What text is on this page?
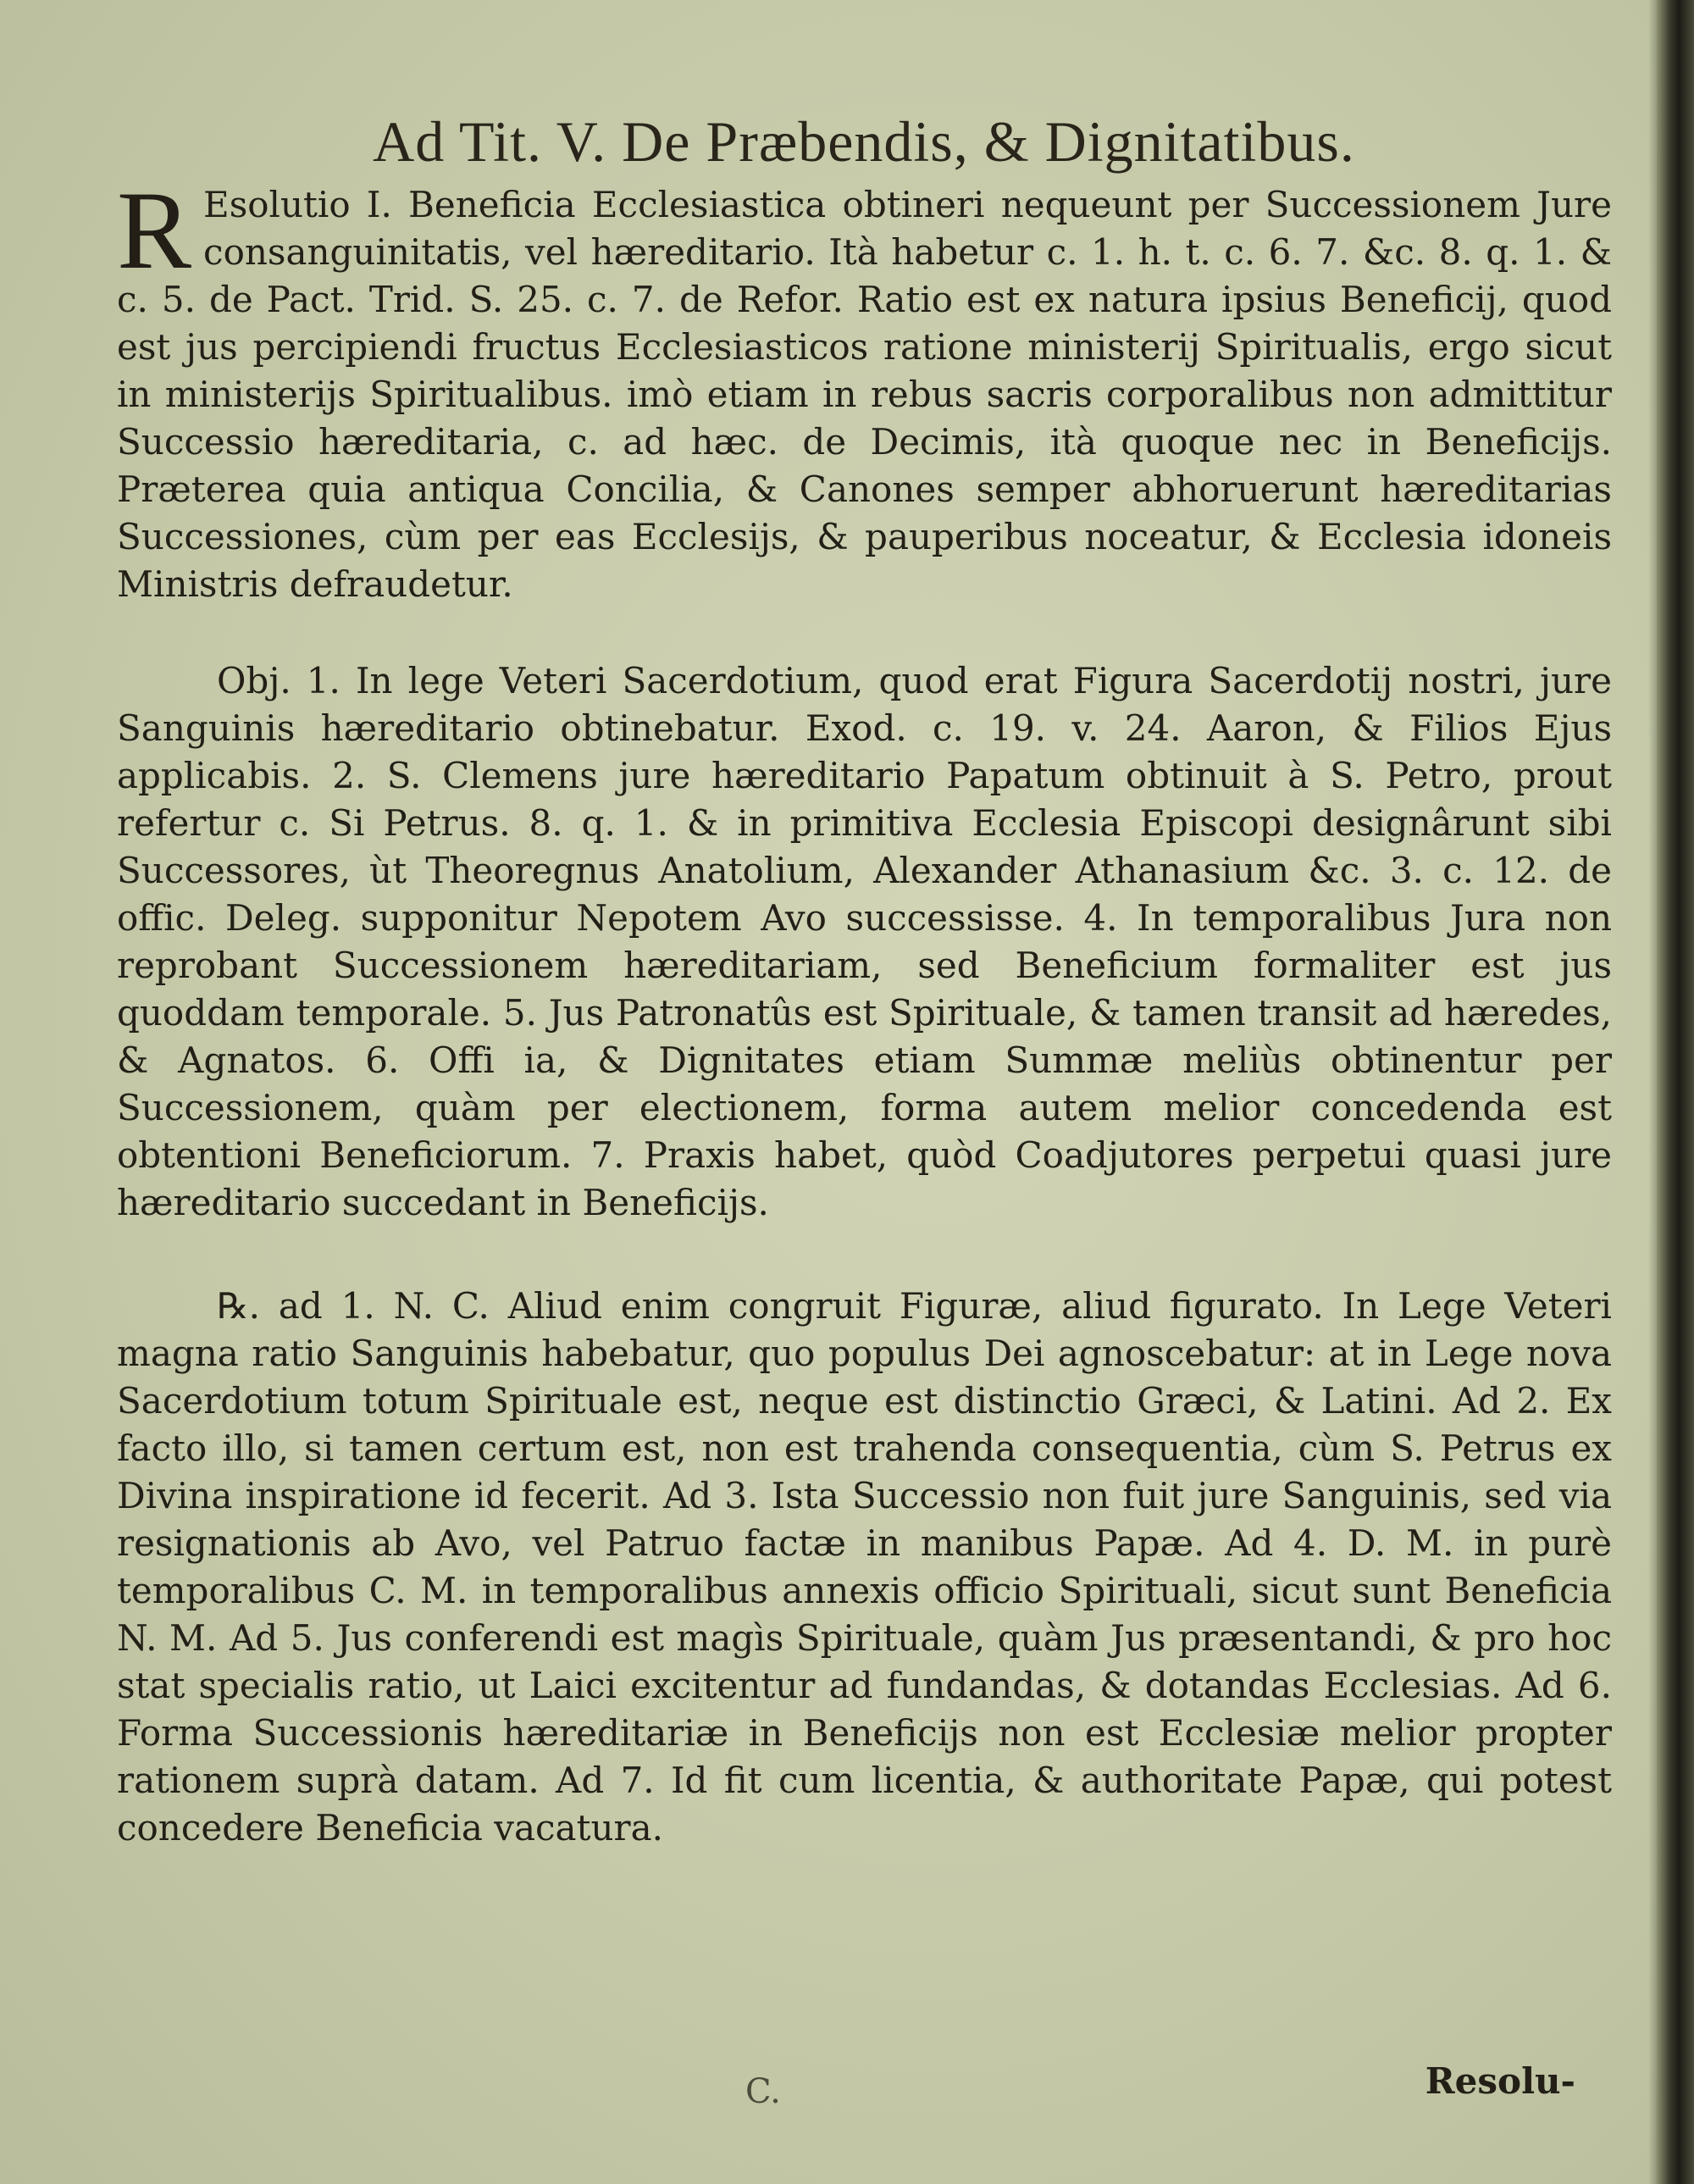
Ad Tit. V. De Præbendis, & Dignitatibus.
R Esolutio I. Beneficia Ecclesiastica obtineri nequeunt per Successionem Jure consanguinitatis, vel hæreditario. Ità habetur c. 1. h. t. c. 6. 7. &c. 8. q. 1. & c. 5. de Pact. Trid. S. 25. c. 7. de Refor. Ratio est ex natura ipsius Beneficij, quod est jus percipiendi fructus Ecclesiasticos ratione ministerij Spiritualis, ergo sicut in ministerijs Spiritualibus. imò etiam in rebus sacris corporalibus non admittitur Successio hæreditaria, c. ad hæc. de Decimis, ità quoque nec in Beneficijs. Præterea quia antiqua Concilia, & Canones semper abhoruerunt hæreditarias Successiones, cùm per eas Ecclesijs, & pauperibus noceatur, & Ecclesia idoneis Ministris defraudetur.
Obj. 1. In lege Veteri Sacerdotium, quod erat Figura Sacerdotij nostri, jure Sanguinis hæreditario obtinebatur. Exod. c. 19. v. 24. Aaron, & Filios Ejus applicabis. 2. S. Clemens jure hæreditario Papatum obtinuit à S. Petro, prout refertur c. Si Petrus. 8. q. 1. & in primitiva Ecclesia Episcopi designârunt sibi Successores, ùt Theoregnus Anatolium, Alexander Athanasium &c. 3. c. 12. de offic. Deleg. supponitur Nepotem Avo successisse. 4. In temporalibus Jura non reprobant Successionem hæreditariam, sed Beneficium formaliter est jus quoddam temporale. 5. Jus Patronatûs est Spirituale, & tamen transit ad hæredes, & Agnatos. 6. Offi ia, & Dignitates etiam Summæ meliùs obtinentur per Successionem, quàm per electionem, forma autem melior concedenda est obtentioni Beneficiorum. 7. Praxis habet, quòd Coadjutores perpetui quasi jure hæreditario succedant in Beneficijs.
℞. ad 1. N. C. Aliud enim congruit Figuræ, aliud figurato. In Lege Veteri magna ratio Sanguinis habebatur, quo populus Dei agnoscebatur: at in Lege nova Sacerdotium totum Spirituale est, neque est distinctio Græci, & Latini. Ad 2. Ex facto illo, si tamen certum est, non est trahenda consequentia, cùm S. Petrus ex Divina inspiratione id fecerit. Ad 3. Ista Successio non fuit jure Sanguinis, sed via resignationis ab Avo, vel Patruo factæ in manibus Papæ. Ad 4. D. M. in purè temporalibus C. M. in temporalibus annexis officio Spirituali, sicut sunt Beneficia N. M. Ad 5. Jus conferendi est magìs Spirituale, quàm Jus præsentandi, & pro hoc stat specialis ratio, ut Laici excitentur ad fundandas, & dotandas Ecclesias. Ad 6. Forma Successionis hæreditariæ in Beneficijs non est Ecclesiæ melior propter rationem suprà datam. Ad 7. Id fit cum licentia, & authoritate Papæ, qui potest concedere Beneficia vacatura.
C.	Resolu-
